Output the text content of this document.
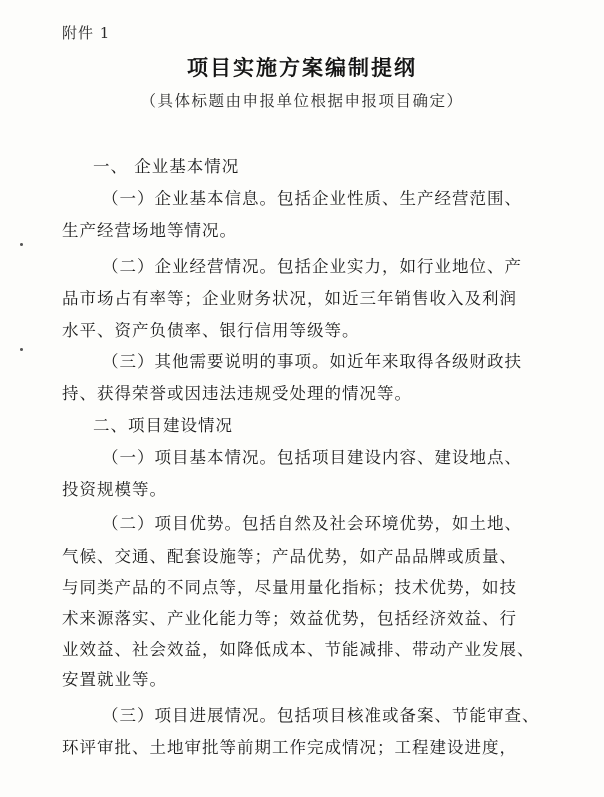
附件 1
项目实施方案编制提纲
（具体标题由申报单位根据申报项目确定）
一、 企业基本情况
（一）企业基本信息。包括企业性质、生产经营范围、
生产经营场地等情况。
（二）企业经营情况。包括企业实力，如行业地位、产
品市场占有率等；企业财务状况，如近三年销售收入及利润
水平、资产负债率、银行信用等级等。
（三）其他需要说明的事项。如近年来取得各级财政扶
持、获得荣誉或因违法违规受处理的情况等。
二、项目建设情况
（一）项目基本情况。包括项目建设内容、建设地点、
投资规模等。
（二）项目优势。包括自然及社会环境优势，如土地、
气候、交通、配套设施等；产品优势，如产品品牌或质量、
与同类产品的不同点等，尽量用量化指标；技术优势，如技
术来源落实、产业化能力等；效益优势，包括经济效益、行
业效益、社会效益，如降低成本、节能减排、带动产业发展、
安置就业等。
（三）项目进展情况。包括项目核准或备案、节能审查、
环评审批、土地审批等前期工作完成情况；工程建设进度，
